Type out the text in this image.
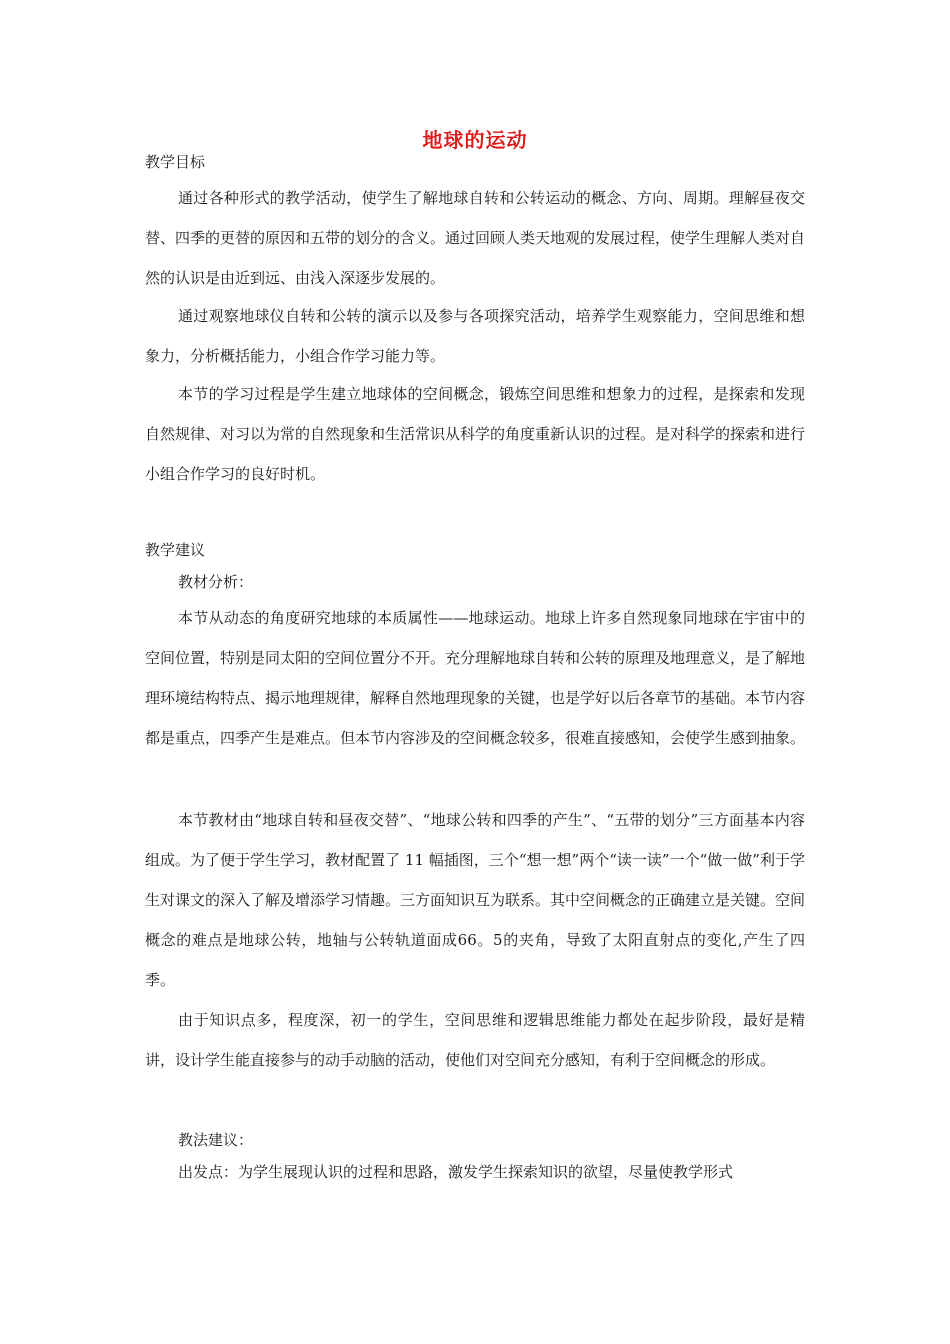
地球的运动
教学目标

通过各种形式的教学活动，使学生了解地球自转和公转运动的概念、方向、周期。理解昼夜交替、四季的更替的原因和五带的划分的含义。通过回顾人类天地观的发展过程，使学生理解人类对自然的认识是由近到远、由浅入深逐步发展的。

通过观察地球仪自转和公转的演示以及参与各项探究活动，培养学生观察能力，空间思维和想象力，分析概括能力，小组合作学习能力等。

本节的学习过程是学生建立地球体的空间概念，锻炼空间思维和想象力的过程，是探索和发现自然规律、对习以为常的自然现象和生活常识从科学的角度重新认识的过程。是对科学的探索和进行小组合作学习的良好时机。

教学建议
教材分析：

本节从动态的角度研究地球的本质属性——地球运动。地球上许多自然现象同地球在宇宙中的空间位置，特别是同太阳的空间位置分不开。充分理解地球自转和公转的原理及地理意义，是了解地理环境结构特点、揭示地理规律，解释自然地理现象的关键，也是学好以后各章节的基础。本节内容都是重点，四季产生是难点。但本节内容涉及的空间概念较多，很难直接感知，会使学生感到抽象。

本节教材由“地球自转和昼夜交替”、“地球公转和四季的产生”、“五带的划分”三方面基本内容组成。为了便于学生学习，教材配置了 11 幅插图，三个“想一想”两个“读一读”一个“做一做”利于学生对课文的深入了解及增添学习情趣。三方面知识互为联系。其中空间概念的正确建立是关键。空间概念的难点是地球公转，地轴与公转轨道面成66。5的夹角，导致了太阳直射点的变化,产生了四季。

由于知识点多，程度深，初一的学生，空间思维和逻辑思维能力都处在起步阶段，最好是精讲，设计学生能直接参与的动手动脑的活动，使他们对空间充分感知，有利于空间概念的形成。

教法建议：

出发点：为学生展现认识的过程和思路，激发学生探索知识的欲望，尽量使教学形式
